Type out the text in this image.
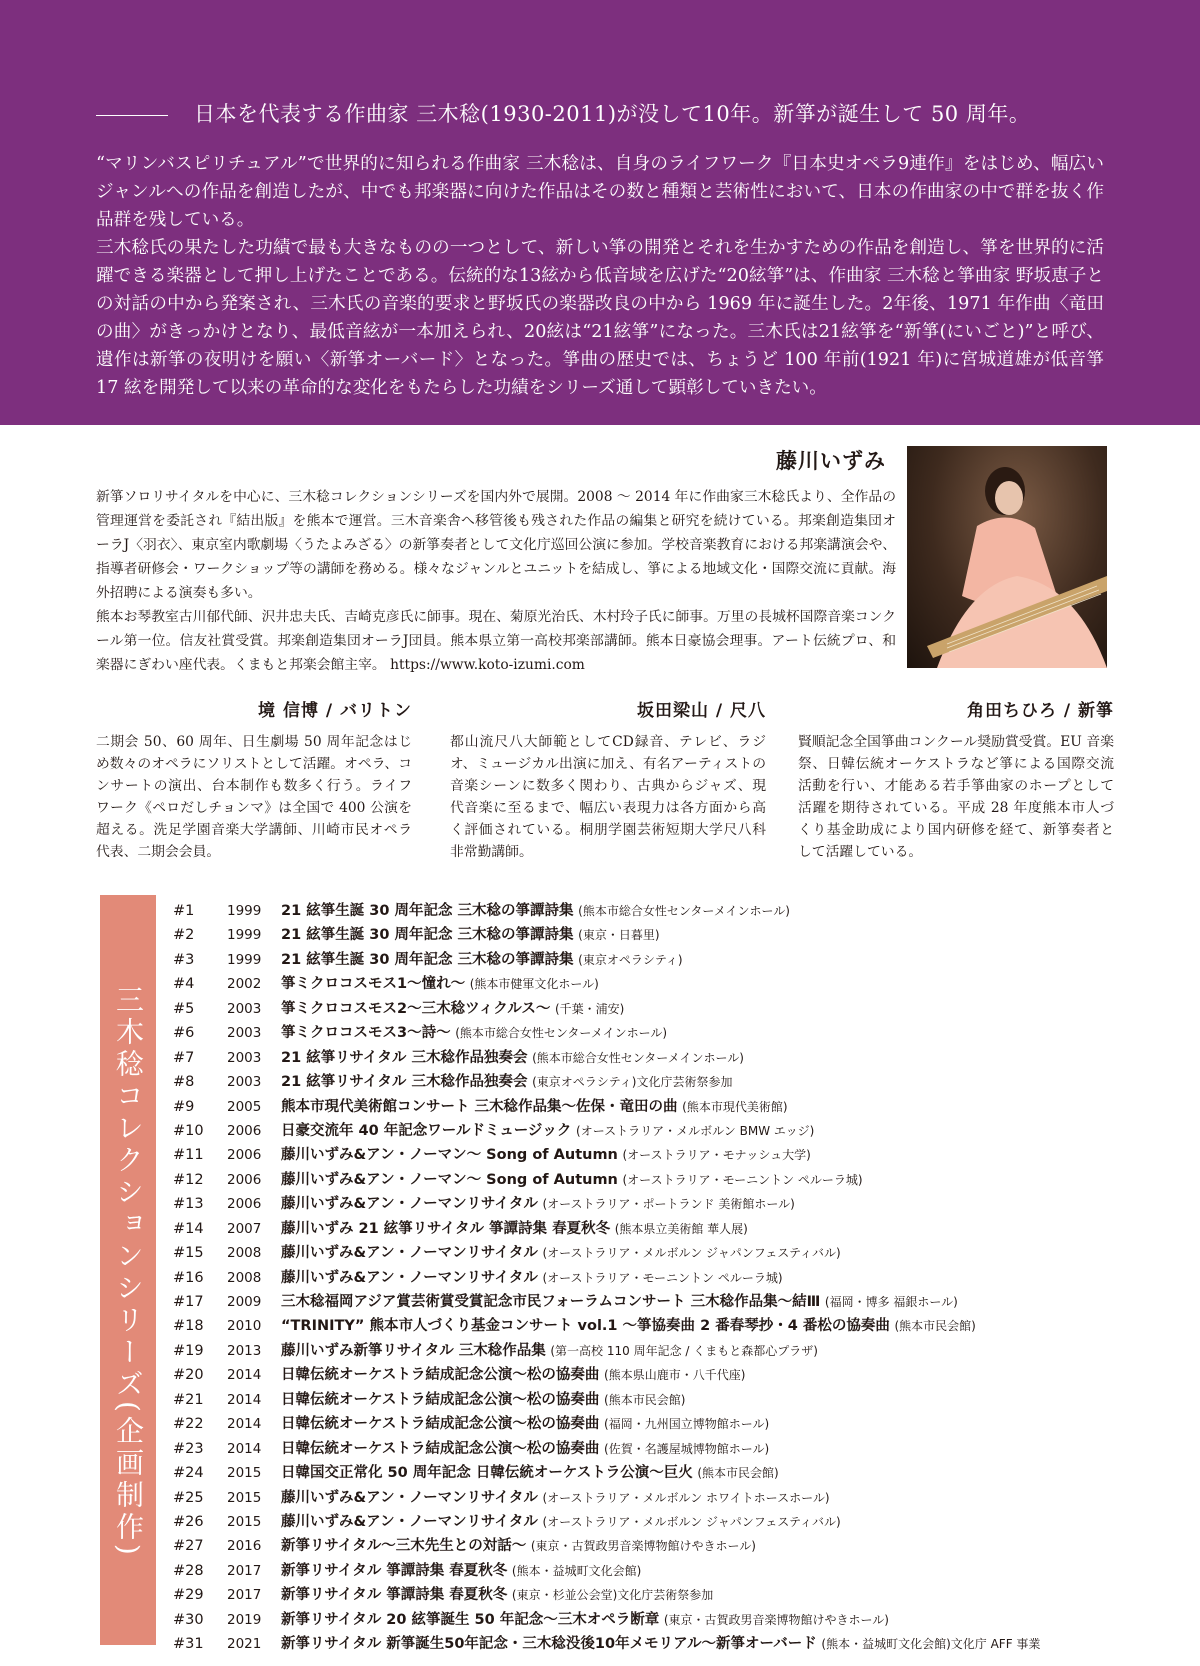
日本を代表する作曲家 三木稔(1930-2011)が没して10年。新箏が誕生して 50 周年。

“マリンバスピリチュアル”で世界的に知られる作曲家 三木稔は、自身のライフワーク『日本史オペラ9連作』をはじめ、幅広いジャンルへの作品を創造したが、中でも邦楽器に向けた作品はその数と種類と芸術性において、日本の作曲家の中で群を抜く作品群を残している。

三木稔氏の果たした功績で最も大きなものの一つとして、新しい箏の開発とそれを生かすための作品を創造し、箏を世界的に活躍できる楽器として押し上げたことである。伝統的な13絃から低音域を広げた“20絃箏”は、作曲家 三木稔と箏曲家 野坂恵子との対話の中から発案され、三木氏の音楽的要求と野坂氏の楽器改良の中から 1969 年に誕生した。2年後、1971 年作曲〈竜田の曲〉がきっかけとなり、最低音絃が一本加えられ、20絃は“21絃箏”になった。三木氏は21絃箏を“新箏(にいごと)”と呼び、遺作は新箏の夜明けを願い〈新箏オーバード〉となった。箏曲の歴史では、ちょうど 100 年前(1921 年)に宮城道雄が低音箏17 絃を開発して以来の革命的な変化をもたらした功績をシリーズ通して顕彰していきたい。

藤川いずみ

新箏ソロリサイタルを中心に、三木稔コレクションシリーズを国内外で展開。2008 〜 2014 年に作曲家三木稔氏より、全作品の管理運営を委託され『結出版』を熊本で運営。三木音楽舎へ移管後も残された作品の編集と研究を続けている。邦楽創造集団オーラJ〈羽衣〉、東京室内歌劇場〈うたよみざる〉の新箏奏者として文化庁巡回公演に参加。学校音楽教育における邦楽講演会や、指導者研修会・ワークショップ等の講師を務める。様々なジャンルとユニットを結成し、箏による地域文化・国際交流に貢献。海外招聘による演奏も多い。

熊本お琴教室古川郁代師、沢井忠夫氏、吉崎克彦氏に師事。現在、菊原光治氏、木村玲子氏に師事。万里の長城杯国際音楽コンクール第一位。信友社賞受賞。邦楽創造集団オーラJ団員。熊本県立第一高校邦楽部講師。熊本日豪協会理事。アート伝統プロ、和楽器にぎわい座代表。くまもと邦楽会館主宰。 https://www.koto-izumi.com

境 信博 / バリトン
二期会 50、60 周年、日生劇場 50 周年記念はじめ数々のオペラにソリストとして活躍。オペラ、コンサートの演出、台本制作も数多く行う。ライフワーク《ペロだしチョンマ》は全国で 400 公演を超える。洗足学園音楽大学講師、川崎市民オペラ代表、二期会会員。
坂田梁山 / 尺八
都山流尺八大師範としてCD録音、テレビ、ラジオ、ミュージカル出演に加え、有名アーティストの音楽シーンに数多く関わり、古典からジャズ、現代音楽に至るまで、幅広い表現力は各方面から高く評価されている。桐朋学園芸術短期大学尺八科非常勤講師。
角田ちひろ / 新箏
賢順記念全国箏曲コンクール奨励賞受賞。EU 音楽祭、日韓伝統オーケストラなど箏による国際交流活動を行い、才能ある若手箏曲家のホープとして活躍を期待されている。平成 28 年度熊本市人づくり基金助成により国内研修を経て、新箏奏者として活躍している。
三木稔コレクションシリーズ(企画制作)
#1 1999 21 絃箏生誕 30 周年記念 三木稔の箏譚詩集 (熊本市総合女性センターメインホール)
#2 1999 21 絃箏生誕 30 周年記念 三木稔の箏譚詩集 (東京・日暮里)
#3 1999 21 絃箏生誕 30 周年記念 三木稔の箏譚詩集 (東京オペラシティ)
#4 2002 箏ミクロコスモス1〜憧れ〜 (熊本市健軍文化ホール)
#5 2003 箏ミクロコスモス2〜三木稔ツィクルス〜 (千葉・浦安)
#6 2003 箏ミクロコスモス3〜詩〜 (熊本市総合女性センターメインホール)
#7 2003 21 絃箏リサイタル 三木稔作品独奏会 (熊本市総合女性センターメインホール)
#8 2003 21 絃箏リサイタル 三木稔作品独奏会 (東京オペラシティ)文化庁芸術祭参加
#9 2005 熊本市現代美術館コンサート 三木稔作品集〜佐保・竜田の曲 (熊本市現代美術館)
#10 2006 日豪交流年 40 年記念ワールドミュージック (オーストラリア・メルボルン BMW エッジ)
#11 2006 藤川いずみ&アン・ノーマン〜 Song of Autumn (オーストラリア・モナッシュ大学)
#12 2006 藤川いずみ&アン・ノーマン〜 Song of Autumn (オーストラリア・モーニントン ペルーラ城)
#13 2006 藤川いずみ&アン・ノーマンリサイタル (オーストラリア・ポートランド 美術館ホール)
#14 2007 藤川いずみ 21 絃箏リサイタル 箏譚詩集 春夏秋冬 (熊本県立美術館 華人展)
#15 2008 藤川いずみ&アン・ノーマンリサイタル (オーストラリア・メルボルン ジャパンフェスティバル)
#16 2008 藤川いずみ&アン・ノーマンリサイタル (オーストラリア・モーニントン ペルーラ城)
#17 2009 三木稔福岡アジア賞芸術賞受賞記念市民フォーラムコンサート 三木稔作品集〜結Ⅲ (福岡・博多 福銀ホール)
#18 2010 “TRINITY” 熊本市人づくり基金コンサート vol.1 〜箏協奏曲 2 番春琴抄・4 番松の協奏曲 (熊本市民会館)
#19 2013 藤川いずみ新箏リサイタル 三木稔作品集 (第一高校 110 周年記念 / くまもと森都心プラザ)
#20 2014 日韓伝統オーケストラ結成記念公演〜松の協奏曲 (熊本県山鹿市・八千代座)
#21 2014 日韓伝統オーケストラ結成記念公演〜松の協奏曲 (熊本市民会館)
#22 2014 日韓伝統オーケストラ結成記念公演〜松の協奏曲 (福岡・九州国立博物館ホール)
#23 2014 日韓伝統オーケストラ結成記念公演〜松の協奏曲 (佐賀・名護屋城博物館ホール)
#24 2015 日韓国交正常化 50 周年記念 日韓伝統オーケストラ公演〜巨火 (熊本市民会館)
#25 2015 藤川いずみ&アン・ノーマンリサイタル (オーストラリア・メルボルン ホワイトホースホール)
#26 2015 藤川いずみ&アン・ノーマンリサイタル (オーストラリア・メルボルン ジャパンフェスティバル)
#27 2016 新箏リサイタル〜三木先生との対話〜 (東京・古賀政男音楽博物館けやきホール)
#28 2017 新箏リサイタル 箏譚詩集 春夏秋冬 (熊本・益城町文化会館)
#29 2017 新箏リサイタル 箏譚詩集 春夏秋冬 (東京・杉並公会堂)文化庁芸術祭参加
#30 2019 新箏リサイタル 20 絃箏誕生 50 年記念〜三木オペラ断章 (東京・古賀政男音楽博物館けやきホール)
#31 2021 新箏リサイタル 新箏誕生50年記念・三木稔没後10年メモリアル〜新箏オーバード (熊本・益城町文化会館)文化庁 AFF 事業
